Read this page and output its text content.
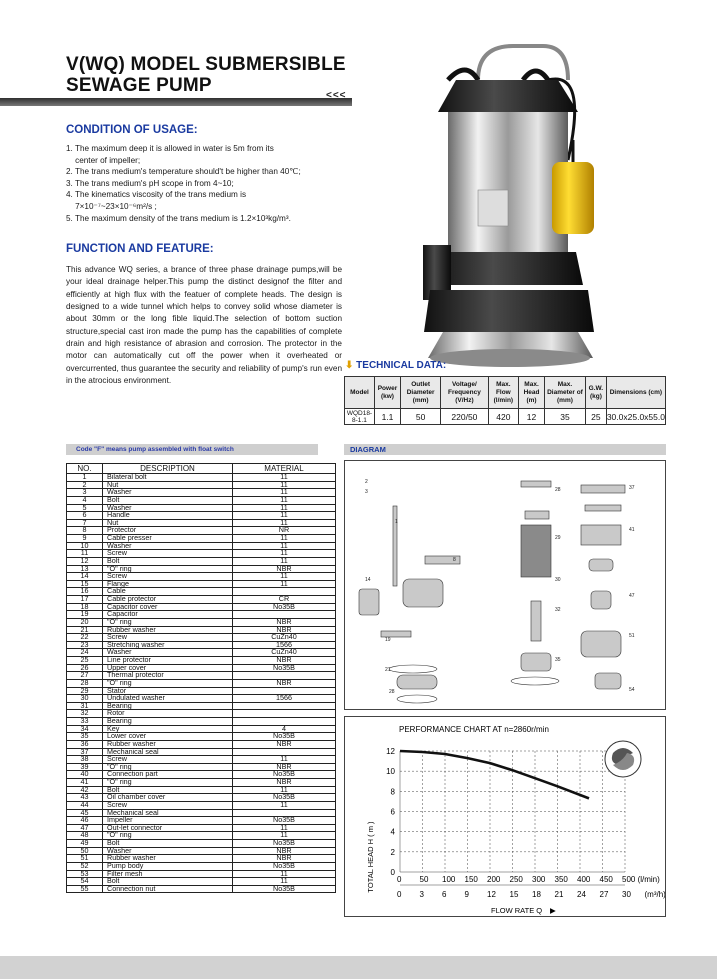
V(WQ) MODEL SUBMERSIBLE
SEWAGE PUMP	<<<
CONDITION OF USAGE:
1. The maximum deep it is allowed in water is 5m from its
center of impeller;
2. The trans medium's temperature should't be higher than 40℃;
3. The trans medium's pH scope in from 4~10;
4. The kinematics viscosity of the trans medium is
7×10⁻⁷~23×10⁻⁶m²/s ;
5. The maximum density of the trans medium is 1.2×10³kg/m³.
FUNCTION AND FEATURE:
This advance WQ series, a brance of three phase drainage pumps,will be your ideal drainage helper.This pump the distinct designof the filter and efficiently at high flux with the featuer of complete heads. The design is designed to a wide tunnel which helps to convey solid whose diameter is about 30mm or the long fible liquid.The selection of bottom suction structure,special cast iron made the pump has the capabilities of complete drain and high resistance of abrasion and corrosion. The protector in the motor can automatically cut off the power when it overheated or overcurrented, thus guarantee the security and reliability of pump's run even in the atrocious environment.
⬇ TECHNICAL DATA:
Model	Power (kw)	Outlet Diameter (mm)	Voltage/ Frequency (V/Hz)	Max. Flow (l/min)	Max. Head (m)	Max. Diameter of (mm)	G.W. (kg)	Dimensions (cm)
WQD18-8-1.1	1.1	50	220/50	420	12	35	25	30.0x25.0x55.0
Code "F" means pump assembled with float switch
NO.	DESCRIPTION	MATERIAL
1	Bilateral bolt	11
2	Nut	11
3	Washer	11
4	Bolt	11
5	Washer	11
6	Handle	11
7	Nut	11
8	Protector	NR
9	Cable presser	11
10	Washer	11
11	Screw	11
12	Bolt	11
13	"O" ring	NBR
14	Screw	11
15	Flange	11
16	Cable	
17	Cable protector	CR
18	Capacitor cover	No35B
19	Capacitor	
20	"O" ring	NBR
21	Rubber washer	NBR
22	Screw	CuZn40
23	Stretching washer	1566
24	Washer	CuZn40
25	Line protector	NBR
26	Upper cover	No35B
27	Thermal protector	
28	"O" ring	NBR
29	Stator	
30	Undulated washer	1566
31	Bearing	
32	Rotor	
33	Bearing	
34	Key	4
35	Lower cover	No35B
36	Rubber washer	NBR
37	Mechanical seal	
38	Screw	11
39	"O" ring	NBR
40	Connection part	No35B
41	"O" ring	NBR
42	Bolt	11
43	Oil chamber cover	No35B
44	Screw	11
45	Mechanical seal	
46	Impeller	No35B
47	Out-let connector	11
48	"O" ring	11
49	Bolt	No35B
50	Washer	NBR
51	Rubber washer	NBR
52	Pump body	No35B
53	Filter mesh	11
54	Bolt	11
55	Connection nut	No35B
DIAGRAM
2
3
1
8
14
19
21
28
28
29
30
32
35
37
41
47
51
54
PERFORMANCE CHART AT n=2860r/min
TOTAL HEAD H ( m ) 0
2
4
6
8
10
12
0 50 100 150 200 250 300 350 400 450 500 (l/min)
0 3 6 9 12 15 18 21 24 27 30 (m³/h)
FLOW RATE Q ▶
